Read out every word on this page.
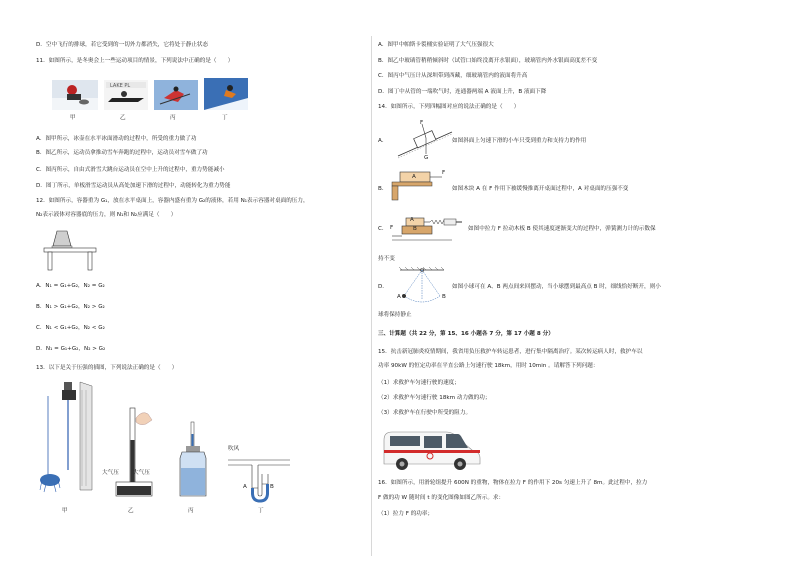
D．空中飞行的排球，若它受到的一切外力都消失，它将处于静止状态
11．如图所示，是冬奥会上一些运动项目的情景，下列说法中正确的是（　　）
LAKE PL
甲	乙	丙	丁
A．图甲所示，冰壶在水平冰面滑动的过程中，所受的重力做了功
B．图乙所示，运动员拿推动雪车奔跑的过程中，运动员对雪车做了功
C．图丙所示，自由式滑雪大跳台运动员在空中上升的过程中，重力势能减小
D．图丁所示，单板滑雪运动员从高处加速下滑的过程中，动能转化为重力势能
12．如图所示，容器重为 G₁，放在水平桌面上，容器内盛有重为 G₂的液体，若用 N₁表示容器对桌面的压力，
N₂表示液体对容器底的压力，则 N₁和 N₂应满足（　　）
A．N₁ = G₁+G₂，N₂ = G₂
B．N₁ > G₁+G₂，N₂ > G₂
C．N₁ < G₁+G₂，N₂ < G₂
D．N₁ = G₁+G₂，N₂ > G₂
13．以下是关于压强的插图，下列说法正确的是（　　）
甲
大气压	大气压
乙	丙
吹风
A	B
丁
A．图甲中帕斯卡裂桶实验证明了大气压强很大
B．图乙中玻璃管稍稍倾斜时（试管口始终没离开水银面），玻璃管内外水银面高度差不变
C．图丙中气压计从深圳带到西藏，细玻璃管内的液面将升高
D．图丁中从管的一端吹气时，连通器两端 A 液面上升，B 液面下降
14．如图所示，下列四幅图对应的说法正确的是（　　）
A．
F
G
如图斜面上匀速下滑的小车只受到重力和支持力的作用
B．
A
F
如图木块 A 在 F 作用下被缓慢推离开桌面过程中，A 对桌面的压强不变
C． F
A
B	如图中拉力 F 拉动木板 B 使其速度逐渐变大的过程中，弹簧测力计的示数保
持不变
D．
O
A	B
如图小球可在 A、B 两点间来回摆动，当小球摆到最高点 B 时，细线恰好断开，则小
球将保持静止
三、计算题（共 22 分，第 15、16 小题各 7 分，第 17 小题 8 分）
15．抗击新冠肺炎疫情期间，我省用负压救护车转运患者，进行集中隔离治疗。某次转运病人时，救护车以
功率 90kW 的恒定功率在平直公路上匀速行驶 18km，用时 10min 。请解答下列问题：
（1）求救护车匀速行驶的速度；
（2）求救护车匀速行驶 18km 动力做的功；
（3）求救护车在行驶中所受的阻力。
16．如图所示，用滑轮组提升 600N 的重物，物体在拉力 F 的作用下 20s 匀速上升了 8m。此过程中，拉力
F 做的功 W 随时间 t 的变化图像如图乙所示。求：
（1）拉力 F 的功率；
